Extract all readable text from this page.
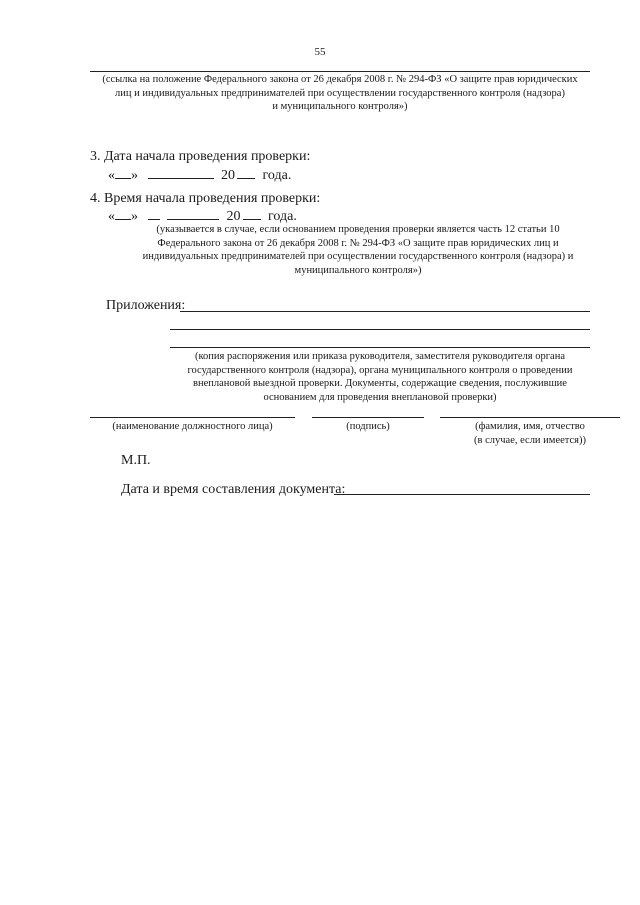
55
(ссылка на положение Федерального закона от 26 декабря 2008 г. № 294-ФЗ «О защите прав юридических
лиц и индивидуальных предпринимателей при осуществлении государственного контроля (надзора)
и муниципального контроля»)
3. Дата начала проведения проверки:
« »	20 года.
4. Время начала проведения проверки:
« »	20 года.
(указывается в случае, если основанием проведения проверки является часть 12 статьи 10
Федерального закона от 26 декабря 2008 г. № 294-ФЗ «О защите прав юридических лиц и
индивидуальных предпринимателей при осуществлении государственного контроля (надзора) и
муниципального контроля»)
Приложения:
(копия распоряжения или приказа руководителя, заместителя руководителя органа
государственного контроля (надзора), органа муниципального контроля о проведении
внеплановой выездной проверки. Документы, содержащие сведения, послужившие
основанием для проведения внеплановой проверки)
(наименование должностного лица)	(подпись)	(фамилия, имя, отчество
(в случае, если имеется))
М.П.
Дата и время составления документа:
